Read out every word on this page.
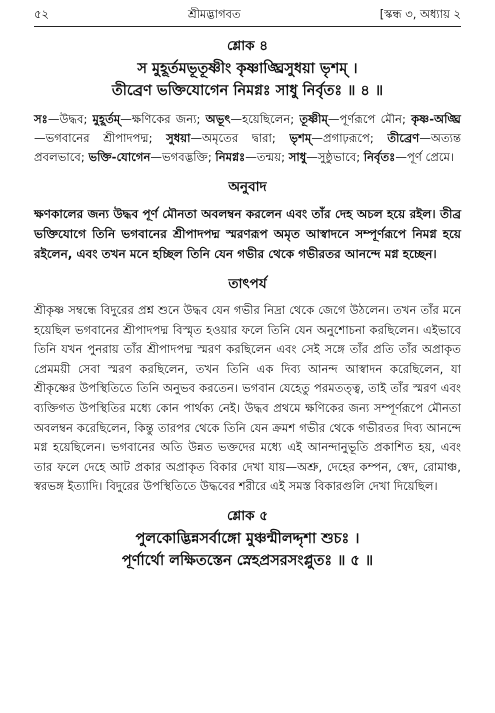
৫২	শ্রীমদ্ভাগবত	[স্কন্ধ ৩, অধ্যায় ২
শ্লোক ৪
স মুহূর্তমভূতূষ্ণীং কৃষ্ণাঙ্ঘ্রিসুধয়া ভৃশম্ ।
তীব্রেণ ভক্তিযোগেন নিমগ্নঃ সাধু নির্বৃতঃ ॥ ৪ ॥
সঃ—উদ্ধব; মুহূর্তম্—ক্ষণিকের জন্য; অভূৎ—হয়েছিলেন; তূষ্ণীম্—পূর্ণরূপে মৌন; কৃষ্ণ-অঙ্ঘ্রি—ভগবানের শ্রীপাদপদ্ম; সুধয়া—অমৃতের দ্বারা; ভৃশম্—প্রগাঢ়রূপে; তীব্রেণ—অত্যন্ত প্রবলভাবে; ভক্তি-যোগেন—ভগবদ্ভক্তি; নিমগ্নঃ—তন্ময়; সাধু—সুষ্ঠুভাবে; নির্বৃতঃ—পূর্ণ প্রেমে।
অনুবাদ
ক্ষণকালের জন্য উদ্ধব পূর্ণ মৌনতা অবলম্বন করলেন এবং তাঁর দেহ অচল হয়ে রইল। তীব্র ভক্তিযোগে তিনি ভগবানের শ্রীপাদপদ্ম স্মরণরূপ অমৃত আস্বাদনে সম্পূর্ণরূপে নিমগ্ন হয়ে রইলেন, এবং তখন মনে হচ্ছিল তিনি যেন গভীর থেকে গভীরতর আনন্দে মগ্ন হচ্ছেন।
তাৎপর্য
শ্রীকৃষ্ণ সম্বন্ধে বিদুরের প্রশ্ন শুনে উদ্ধব যেন গভীর নিদ্রা থেকে জেগে উঠলেন। তখন তাঁর মনে হয়েছিল ভগবানের শ্রীপাদপদ্ম বিস্মৃত হওয়ার ফলে তিনি যেন অনুশোচনা করছিলেন। এইভাবে তিনি যখন পুনরায় তাঁর শ্রীপাদপদ্ম স্মরণ করছিলেন এবং সেই সঙ্গে তাঁর প্রতি তাঁর অপ্রাকৃত প্রেমময়ী সেবা স্মরণ করছিলেন, তখন তিনি এক দিব্য আনন্দ আস্বাদন করেছিলেন, যা শ্রীকৃষ্ণের উপস্থিতিতে তিনি অনুভব করতেন। ভগবান যেহেতু পরমতত্ত্ব, তাই তাঁর স্মরণ এবং ব্যক্তিগত উপস্থিতির মধ্যে কোন পার্থক্য নেই। উদ্ধব প্রথমে ক্ষণিকের জন্য সম্পূর্ণরূপে মৌনতা অবলম্বন করেছিলেন, কিন্তু তারপর থেকে তিনি যেন ক্রমশ গভীর থেকে গভীরতর দিব্য আনন্দে মগ্ন হয়েছিলেন। ভগবানের অতি উন্নত ভক্তদের মধ্যে এই আনন্দানুভূতি প্রকাশিত হয়, এবং তার ফলে দেহে আট প্রকার অপ্রাকৃত বিকার দেখা যায়—অশ্রু, দেহের কম্পন, স্বেদ, রোমাঞ্চ, স্বরভঙ্গ ইত্যাদি। বিদুরের উপস্থিতিতে উদ্ধবের শরীরে এই সমস্ত বিকারগুলি দেখা দিয়েছিল।
শ্লোক ৫
পুলকোদ্ভিন্নসর্বাঙ্গো মুঞ্চন্মীলদ্দৃশা শুচঃ ।
পূর্ণার্থো লক্ষিতস্তেন স্নেহপ্রসরসংপ্লুতঃ ॥ ৫ ॥
